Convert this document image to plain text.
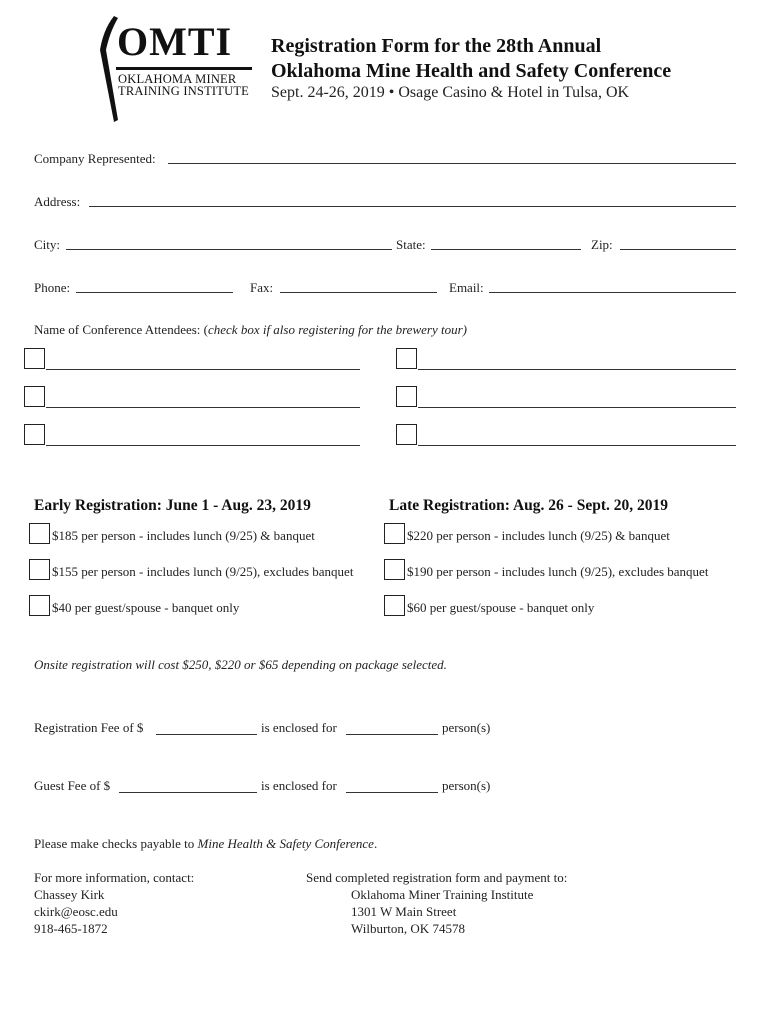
OMTI
OKLAHOMA MINER
TRAINING INSTITUTE
Registration Form for the 28th Annual
Oklahoma Mine Health and Safety Conference
Sept. 24-26, 2019 • Osage Casino & Hotel in Tulsa, OK
Company Represented:
Address:
City:	State:	Zip:
Phone:	Fax:	Email:
Name of Conference Attendees: (check box if also registering for the brewery tour)
Early Registration: June 1 - Aug. 23, 2019
$185 per person - includes lunch (9/25) & banquet
$155 per person - includes lunch (9/25), excludes banquet
$40 per guest/spouse - banquet only
Late Registration: Aug. 26 - Sept. 20, 2019
$220 per person - includes lunch (9/25) & banquet
$190 per person - includes lunch (9/25), excludes banquet
$60 per guest/spouse - banquet only
Onsite registration will cost $250, $220 or $65 depending on package selected.
Registration Fee of $	is enclosed for	person(s)
Guest Fee of $	is enclosed for	person(s)
Please make checks payable to Mine Health & Safety Conference.
For more information, contact:
Chassey Kirk
ckirk@eosc.edu
918-465-1872
Send completed registration form and payment to:
Oklahoma Miner Training Institute
1301 W Main Street
Wilburton, OK 74578
